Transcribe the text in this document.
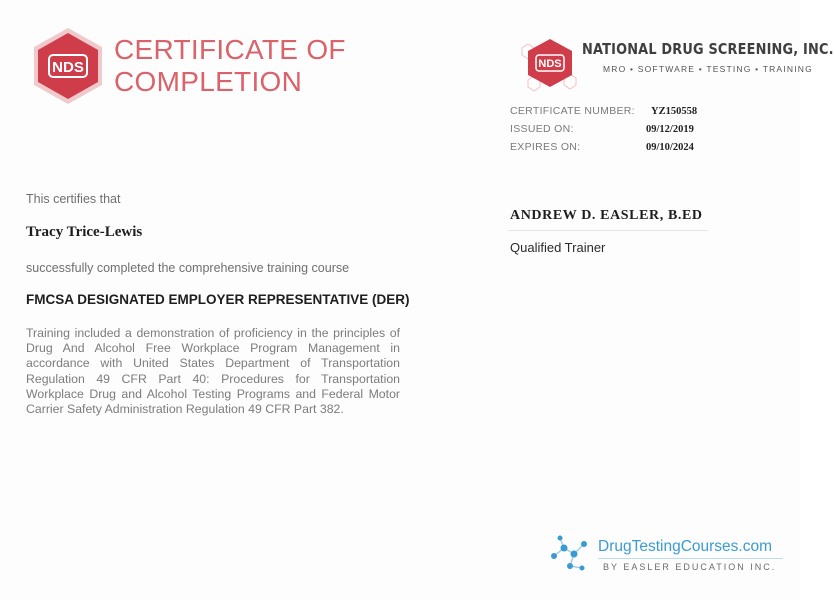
NDS
CERTIFICATE OF
COMPLETION
NDS
NATIONAL DRUG SCREENING, INC.
MRO • SOFTWARE • TESTING • TRAINING
CERTIFICATE NUMBER: YZ150558
ISSUED ON:	09/12/2019
EXPIRES ON:	09/10/2024
ANDREW D. EASLER, B.ED
Qualified Trainer
This certifies that
Tracy Trice-Lewis
successfully completed the comprehensive training course
FMCSA DESIGNATED EMPLOYER REPRESENTATIVE (DER)
Training included a demonstration of proficiency in the principles of Drug And Alcohol Free Workplace Program Management in accordance with United States Department of Transportation Regulation 49 CFR Part 40: Procedures for Transportation Workplace Drug and Alcohol Testing Programs and Federal Motor Carrier Safety Administration Regulation 49 CFR Part 382.
DrugTestingCourses.com
BY EASLER EDUCATION INC.
